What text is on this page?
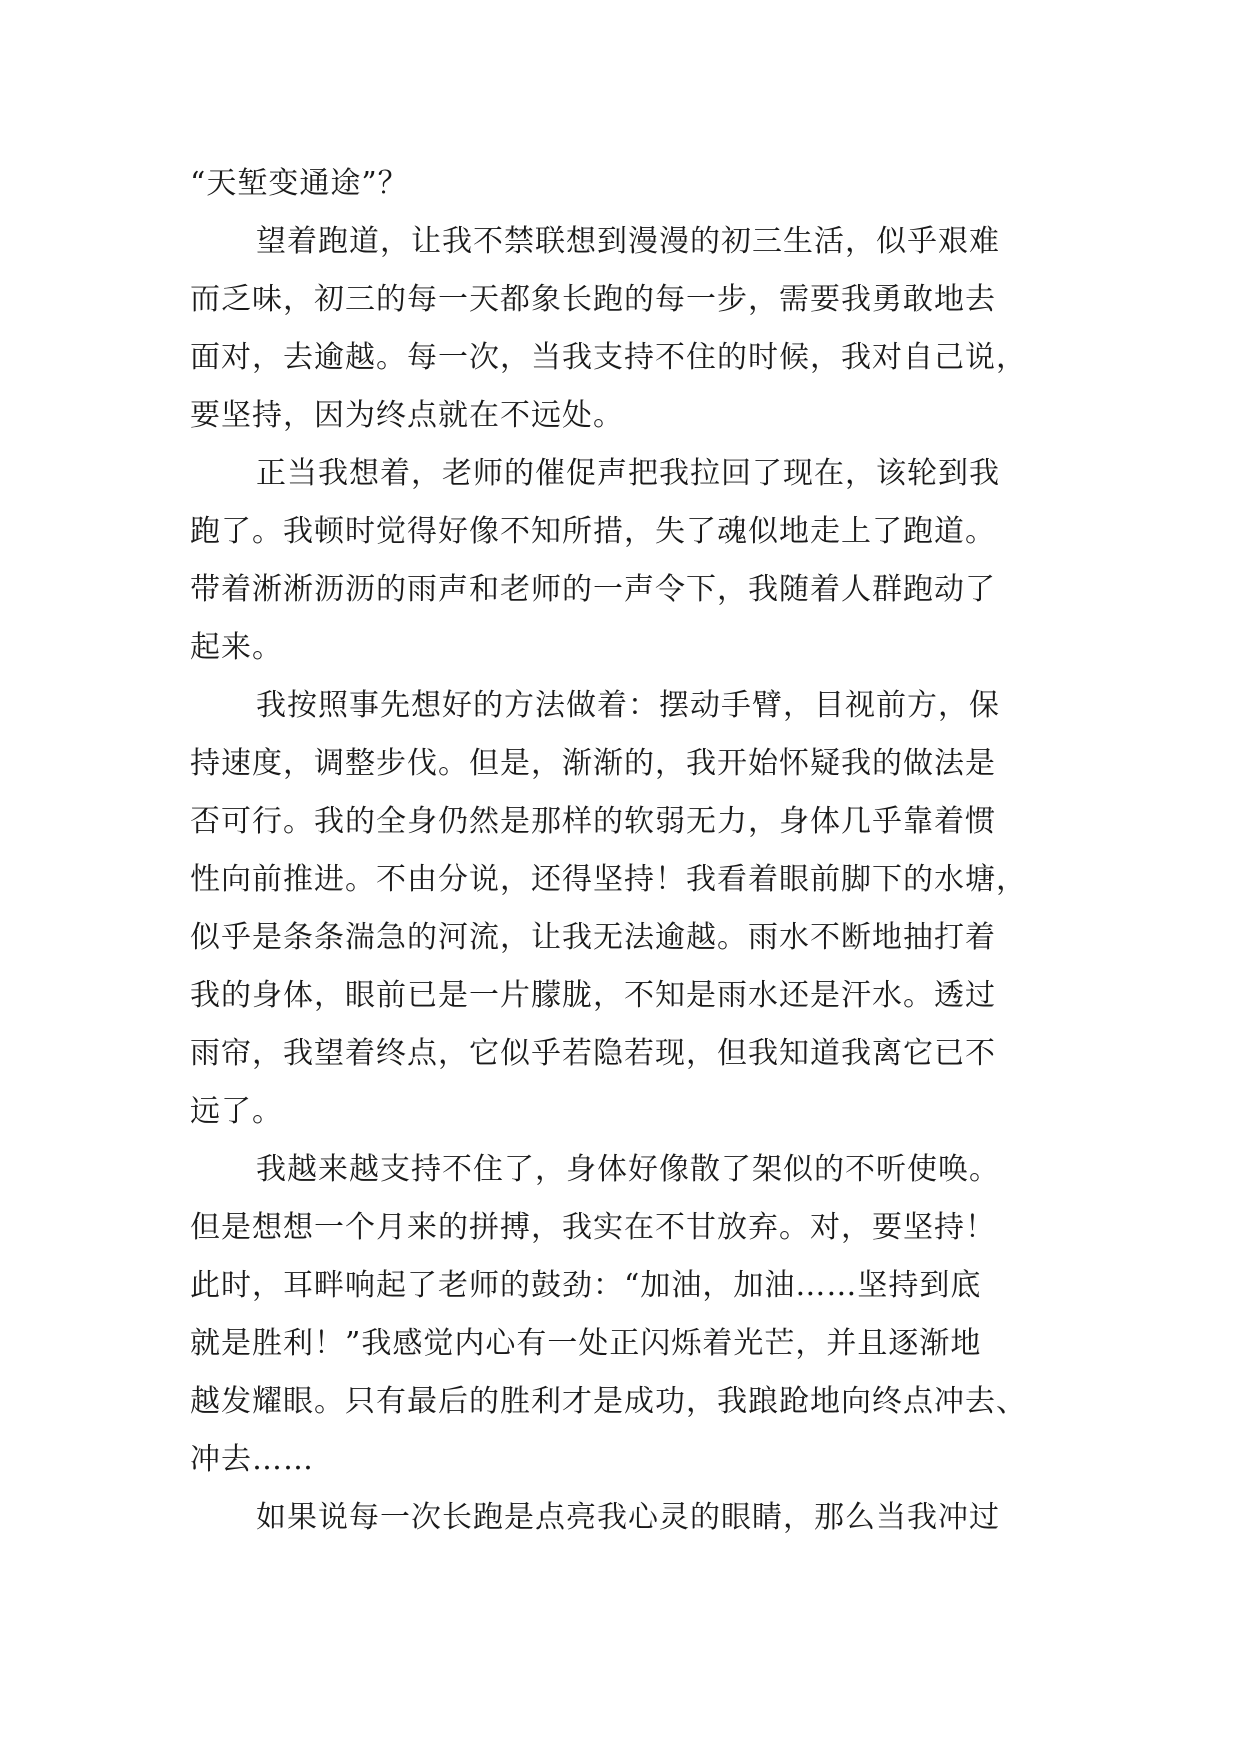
“天堑变通途”？
望着跑道，让我不禁联想到漫漫的初三生活，似乎艰难
而乏味，初三的每一天都象长跑的每一步，需要我勇敢地去
面对，去逾越。每一次，当我支持不住的时候，我对自己说，
要坚持，因为终点就在不远处。
正当我想着，老师的催促声把我拉回了现在，该轮到我
跑了。我顿时觉得好像不知所措，失了魂似地走上了跑道。
带着淅淅沥沥的雨声和老师的一声令下，我随着人群跑动了
起来。
我按照事先想好的方法做着：摆动手臂，目视前方，保
持速度，调整步伐。但是，渐渐的，我开始怀疑我的做法是
否可行。我的全身仍然是那样的软弱无力，身体几乎靠着惯
性向前推进。不由分说，还得坚持！我看着眼前脚下的水塘，
似乎是条条湍急的河流，让我无法逾越。雨水不断地抽打着
我的身体，眼前已是一片朦胧，不知是雨水还是汗水。透过
雨帘，我望着终点，它似乎若隐若现，但我知道我离它已不
远了。
我越来越支持不住了，身体好像散了架似的不听使唤。
但是想想一个月来的拼搏，我实在不甘放弃。对，要坚持！
此时，耳畔响起了老师的鼓劲：“加油，加油……坚持到底
就是胜利！”我感觉内心有一处正闪烁着光芒，并且逐渐地
越发耀眼。只有最后的胜利才是成功，我踉跄地向终点冲去、
冲去……
如果说每一次长跑是点亮我心灵的眼睛，那么当我冲过
